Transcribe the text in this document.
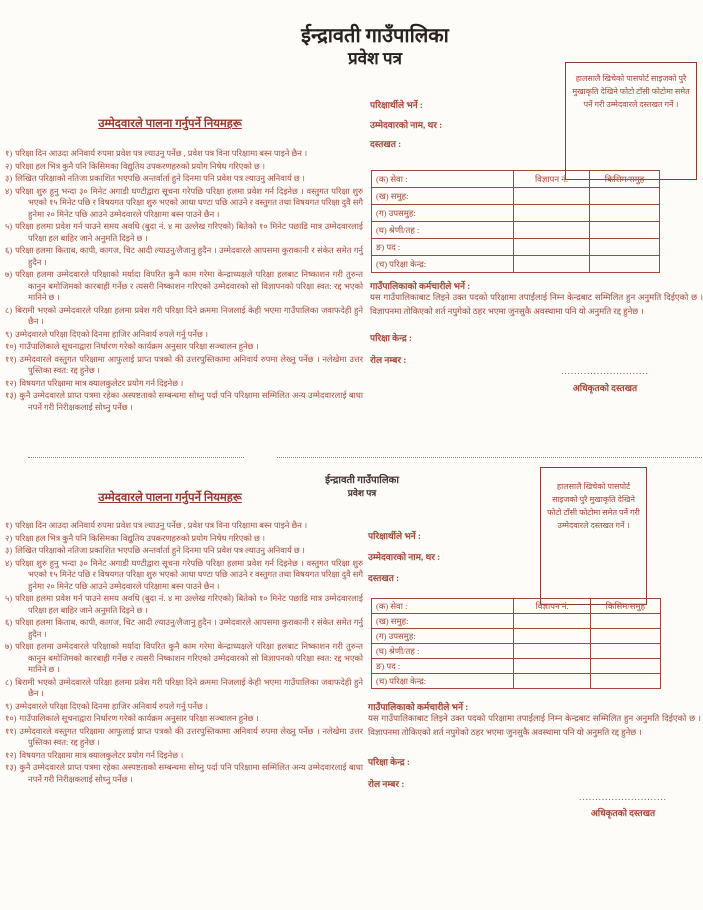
ईन्द्रावती गाउँपालिका
प्रवेश पत्र
हालसालै खिचेको पासपोर्ट साइजको पुरै मुखाकृति देखिने फोटो टाँसी फोटोमा समेत पर्ने गरी उम्मेदवारले दस्तखत गर्ने ।
परिक्षार्थीले भर्ने :
उम्मेदवारको नाम, थर :
दस्तखत :
उम्मेदवारले पालना गर्नुपर्ने नियमहरू
१) परिक्षा दिन आउदा अनिवार्य रुपमा प्रवेश पत्र ल्याउनु पर्नेछ , प्रवेश पत्र विना परिक्षामा बस्न पाइने छैन ।
२) परिक्षा हल भित्र कुनै पनि किसिमका विद्युतिय उपकरणहरुको प्रयोग निषेध गरिएको छ ।
३) लिखित परिक्षाको नतिजा प्रकाशित भएपछि अन्तर्वार्ता हुने दिनमा पनि प्रवेश पत्र ल्याउनु अनिवार्य छ ।
४) परिक्षा शुरु हुनु भन्दा ३० मिनेट अगाडी घण्टीद्वारा सूचना गरेपछि परिक्षा हलमा प्रवेश गर्न दिइनेछ । वस्तुगत परिक्षा शुरु भएको १५ मिनेट पछि र विषयगत परिक्षा शुरु भएको आधा घण्टा पछि आउने र वस्तुगत तथा विषयगत परिक्षा दुवै सगै हुनेमा २० मिनेट पछि आउने उम्मेदवारले परिक्षामा बस्न पाउने छैन ।
५) परिक्षा हलमा प्रवेश गर्न पाउने समय अवधि (बुदा नं. ४ मा उल्लेख गरिएको) बितेको १० मिनेट पछाडि मात्र उम्मेदवारलाई परिक्षा हल बाहिर जाने अनुमति दिइने छ ।
६) परिक्षा हलमा किताब, कापी, कागज, चिट आदी ल्याउनु/लैजानु हुदैन । उम्मेदवारले आपसमा कुराकानी र संकेत समेत गर्नु हुदैन ।
७) परिक्षा हलमा उम्मेदवारले परिक्षाको मर्यादा विपरित कुनै काम गरेमा केन्द्राध्यक्षले परिक्षा हलबाट निष्काशन गरी तुरुन्त कानुन बमोजिमको कारबाही गर्नेछ र त्यसरी निष्काशन गरिएको उम्मेदवारको सो विज्ञापनको परिक्षा स्वत: रद्द भएको मानिने छ ।
८) बिरामी भएको उम्मेदवारले परिक्षा हलमा प्रवेश गरी परिक्षा दिने क्रममा निजलाई केही भएमा गाउँपालिका जवाफदेही हुने छैन ।
९) उम्मेदवारले परिक्षा दिएको दिनमा हाजिर अनिवार्य रुपले गर्नु पर्नेछ ।
१०) गाउँपालिकाले सूचनाद्वारा निर्धारण गरेको कार्यक्रम अनुसार परिक्षा सञ्चालन हुनेछ ।
११) उम्मेदवारले वस्तुगत परिक्षामा आफुलाई प्राप्त पत्रको की उत्तरपुस्तिकामा अनिवार्य रुपमा लेख्नु पर्नेछ । नलेखेमा उत्तर पुस्तिका स्वत: रद्द हुनेछ ।
१२) विषयगत परिक्षामा मात्र क्यालकुलेटर प्रयोग गर्न दिइनेछ ।
१३) कुनै उम्मेदवारले प्राप्त पत्रमा रहेका अस्पष्टताको सम्बन्धमा सोध्नु पर्दा पनि परिक्षामा सम्मिलित अन्य उम्मेदवारलाई बाधा नपर्ने गरी निरीक्षकलाई सोध्नु पर्नेछ ।
(क) सेवा :	विज्ञापन नं.	किसिम/समुह
(ख) समुह:		
(ग) उपसमुह:		
(घ) श्रेणी/तह :		
ङ) पद :		
(च) परिक्षा केन्द्र:		
गाउँपालिकाको कर्मचारीले भर्ने :
यस गाउँपालिकाबाट लिइने उक्त पदको परिक्षामा तपाईंलाई निम्न केन्द्रबाट सम्मिलित हुन अनुमति दिईएको छ । विज्ञापनमा तोकिएको शर्त नपुगेको ठहर भएमा जुनसुकै अवस्थामा पनि यो अनुमति रद्द हुनेछ ।
परिक्षा केन्द्र :
रोल नम्बर :
...........................
अधिकृतको दस्तखत
ईन्द्रावती गाउँपालिका
प्रवेश पत्र
हालसालै खिचेको पासपोर्ट साइजको पुरै मुखाकृति देखिने फोटो टाँसी फोटोमा समेत पर्ने गरी उम्मेदवारले दस्तखत गर्ने ।
उम्मेदवारले पालना गर्नुपर्ने नियमहरू
१) परिक्षा दिन आउदा अनिवार्य रुपमा प्रवेश पत्र ल्याउनु पर्नेछ , प्रवेश पत्र विना परिक्षामा बस्न पाइने छैन ।
२) परिक्षा हल भित्र कुनै पनि किसिमका विद्युतिय उपकरणहरुको प्रयोग निषेध गरिएको छ ।
३) लिखित परिक्षाको नतिजा प्रकाशित भएपछि अन्तर्वार्ता हुने दिनमा पनि प्रवेश पत्र ल्याउनु अनिवार्य छ ।
४) परिक्षा शुरु हुनु भन्दा ३० मिनेट अगाडी घण्टीद्वारा सूचना गरेपछि परिक्षा हलमा प्रवेश गर्न दिइनेछ । वस्तुगत परिक्षा शुरु भएको १५ मिनेट पछि र विषयगत परिक्षा शुरु भएको आधा घण्टा पछि आउने र वस्तुगत तथा विषयगत परिक्षा दुवै सगै हुनेमा २० मिनेट पछि आउने उम्मेदवारले परिक्षामा बस्न पाउने छैन ।
५) परिक्षा हलमा प्रवेश गर्न पाउने समय अवधि (बुदा नं. ४ मा उल्लेख गरिएको) बितेको १० मिनेट पछाडि मात्र उम्मेदवारलाई परिक्षा हल बाहिर जाने अनुमति दिइने छ ।
६) परिक्षा हलमा किताब, कापी, कागज, चिट आदी ल्याउनु/लैजानु हुदैन । उम्मेदवारले आपसमा कुराकानी र संकेत समेत गर्नु हुदैन ।
७) परिक्षा हलमा उम्मेदवारले परिक्षाको मर्यादा विपरित कुनै काम गरेमा केन्द्राध्यक्षले परिक्षा हलबाट निष्काशन गरी तुरुन्त कानुन बमोजिमको कारबाही गर्नेछ र त्यसरी निष्काशन गरिएको उम्मेदवारको सो विज्ञापनको परिक्षा स्वत: रद्द भएको मानिने छ ।
८) बिरामी भएको उम्मेदवारले परिक्षा हलमा प्रवेश गरी परिक्षा दिने क्रममा निजलाई केही भएमा गाउँपालिका जवाफदेही हुने छैन ।
९) उम्मेदवारले परिक्षा दिएको दिनमा हाजिर अनिवार्य रुपले गर्नु पर्नेछ ।
१०) गाउँपालिकाले सूचनाद्वारा निर्धारण गरेको कार्यक्रम अनुसार परिक्षा सञ्चालन हुनेछ ।
११) उम्मेदवारले वस्तुगत परिक्षामा आफुलाई प्राप्त पत्रको की उत्तरपुस्तिकामा अनिवार्य रुपमा लेख्नु पर्नेछ । नलेखेमा उत्तर पुस्तिका स्वत: रद्द हुनेछ ।
१२) विषयगत परिक्षामा मात्र क्यालकुलेटर प्रयोग गर्न दिइनेछ ।
१३) कुनै उम्मेदवारले प्राप्त पत्रमा रहेका अस्पष्टताको सम्बन्धमा सोध्नु पर्दा पनि परिक्षामा सम्मिलित अन्य उम्मेदवारलाई बाधा नपर्ने गरी निरीक्षकलाई सोध्नु पर्नेछ ।
परिक्षार्थीले भर्ने :
उम्मेदवारको नाम, थर :
दस्तखत :
(क) सेवा :	विज्ञापन नं.	किसिम/समुह
(ख) समुह:		
(ग) उपसमुह:		
(घ) श्रेणी/तह :		
ङ) पद :		
(च) परिक्षा केन्द्र:		
गाउँपालिकाको कर्मचारीले भर्ने :
यस गाउँपालिकाबाट लिइने उक्त पदको परिक्षामा तपाईंलाई निम्न केन्द्रबाट सम्मिलित हुन अनुमति दिईएको छ । विज्ञापनमा तोकिएको शर्त नपुगेको ठहर भएमा जुनसुकै अवस्थामा पनि यो अनुमति रद्द हुनेछ ।
परिक्षा केन्द्र :
रोल नम्बर :
...........................
अधिकृतको दस्तखत
